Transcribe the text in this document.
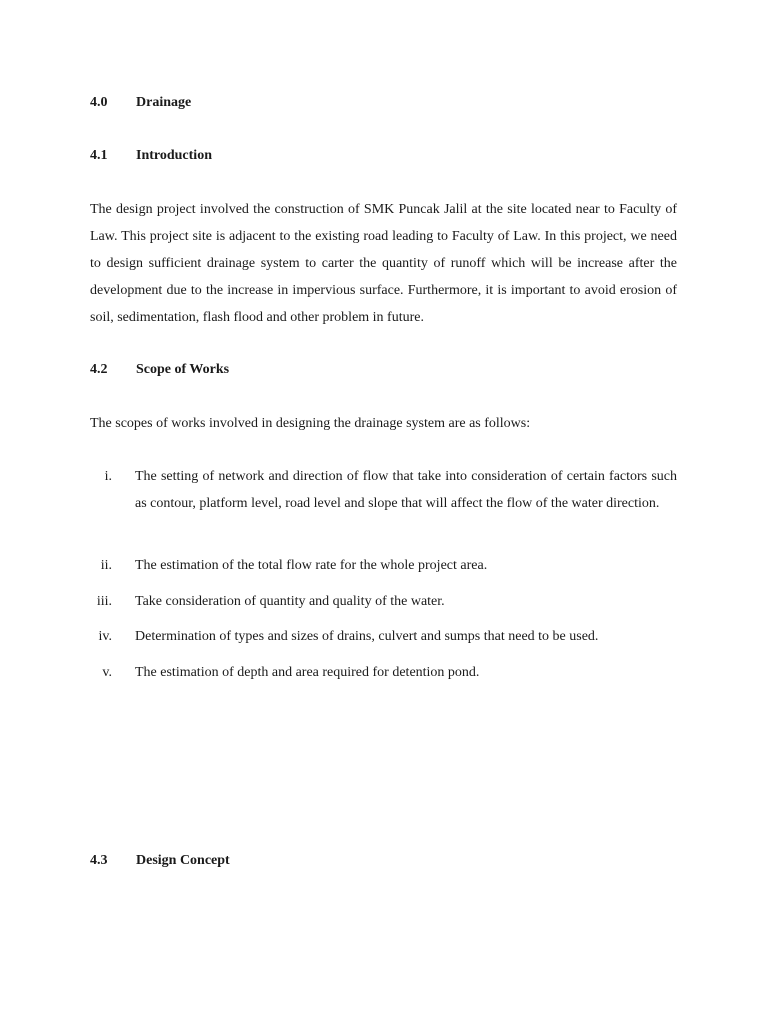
4.0 Drainage
4.1 Introduction

The design project involved the construction of SMK Puncak Jalil at the site located near to Faculty of Law. This project site is adjacent to the existing road leading to Faculty of Law. In this project, we need to design sufficient drainage system to carter the quantity of runoff which will be increase after the development due to the increase in impervious surface. Furthermore, it is important to avoid erosion of soil, sedimentation, flash flood and other problem in future.

4.2 Scope of Works

The scopes of works involved in designing the drainage system are as follows:

i. The setting of network and direction of flow that take into consideration of certain factors such as contour, platform level, road level and slope that will affect the flow of the water direction.
ii. The estimation of the total flow rate for the whole project area.
iii. Take consideration of quantity and quality of the water.
iv. Determination of types and sizes of drains, culvert and sumps that need to be used.
v. The estimation of depth and area required for detention pond.
4.3 Design Concept
